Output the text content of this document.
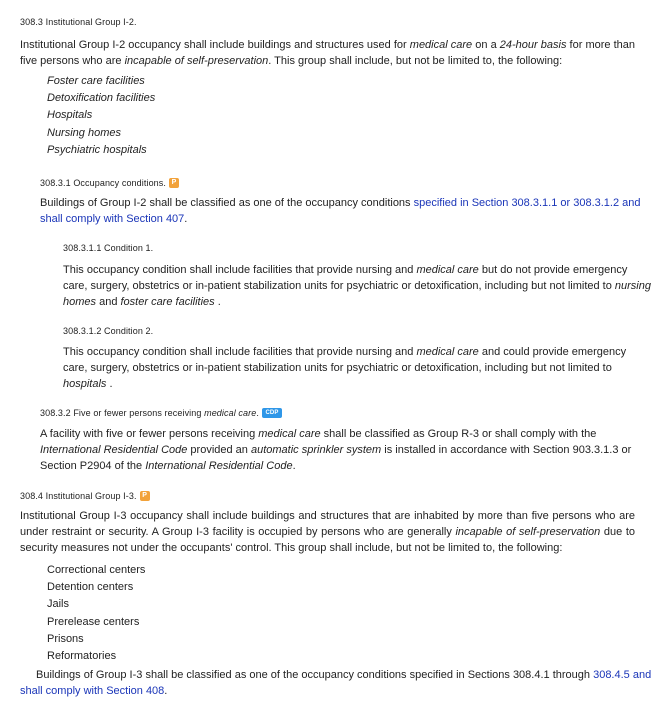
308.3 Institutional Group I-2.
Institutional Group I-2 occupancy shall include buildings and structures used for medical care on a 24-hour basis for more than
five persons who are incapable of self-preservation. This group shall include, but not be limited to, the following:
Foster care facilities
Detoxification facilities
Hospitals
Nursing homes
Psychiatric hospitals
308.3.1 Occupancy conditions. P
Buildings of Group I-2 shall be classified as one of the occupancy conditions specified in Section 308.3.1.1 or 308.3.1.2 and
shall comply with Section 407.
308.3.1.1 Condition 1.
This occupancy condition shall include facilities that provide nursing and medical care but do not provide emergency
care, surgery, obstetrics or in-patient stabilization units for psychiatric or detoxification, including but not limited to nursing
homes and foster care facilities .
308.3.1.2 Condition 2.
This occupancy condition shall include facilities that provide nursing and medical care and could provide emergency
care, surgery, obstetrics or in-patient stabilization units for psychiatric or detoxification, including but not limited to
hospitals .
308.3.2 Five or fewer persons receiving medical care. CDP
A facility with five or fewer persons receiving medical care shall be classified as Group R-3 or shall comply with the
International Residential Code provided an automatic sprinkler system is installed in accordance with Section 903.3.1.3 or
Section P2904 of the International Residential Code.
308.4 Institutional Group I-3. P
Institutional Group I-3 occupancy shall include buildings and structures that are inhabited by more than five persons who are
under restraint or security. A Group I-3 facility is occupied by persons who are generally incapable of self-preservation due to
security measures not under the occupants' control. This group shall include, but not be limited to, the following:
Correctional centers
Detention centers
Jails
Prerelease centers
Prisons
Reformatories
Buildings of Group I-3 shall be classified as one of the occupancy conditions specified in Sections 308.4.1 through 308.4.5 and
shall comply with Section 408.
